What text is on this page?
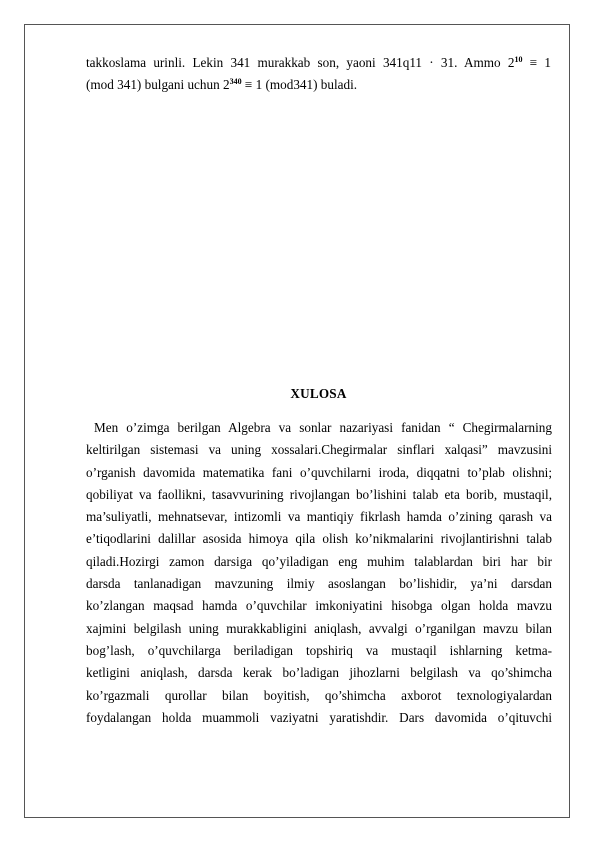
takkoslama urinli. Lekin 341 murakkab son, yaoni 341q11 · 31. Ammo $2^{10} \equiv 1$
(mod 341) bulgani uchun $2^{340} \equiv 1$ (mod341) buladi.
XULOSA
Men o’zimga berilgan Algebra va sonlar nazariyasi fanidan “ Chegirmalarning
keltirilgan sistemasi va uning xossalari.Chegirmalar sinflari xalqasi” mavzusini
o’rganish davomida matematika fani o’quvchilarni iroda, diqqatni to’plab olishni;
qobiliyat va faollikni, tasavvurining rivojlangan bo’lishini talab eta borib, mustaqil,
ma’suliyatli, mehnatsevar, intizomli va mantiqiy fikrlash hamda o’zining qarash va
e’tiqodlarini dalillar asosida himoya qila olish ko’nikmalarini rivojlantirishni talab
qiladi.Hozirgi zamon darsiga qo’yiladigan eng muhim talablardan biri har bir
darsda tanlanadigan mavzuning ilmiy asoslangan bo’lishidir, ya’ni darsdan
ko’zlangan maqsad hamda o’quvchilar imkoniyatini hisobga olgan holda mavzu
xajmini belgilash uning murakkabligini aniqlash, avvalgi o’rganilgan mavzu bilan
bog’lash, o’quvchilarga beriladigan topshiriq va mustaqil ishlarning ketma-
ketligini aniqlash, darsda kerak bo’ladigan jihozlarni belgilash va qo’shimcha
ko’rgazmali qurollar bilan boyitish, qo’shimcha axborot texnologiyalardan
foydalangan holda muammoli vaziyatni yaratishdir. Dars davomida o’qituvchi
